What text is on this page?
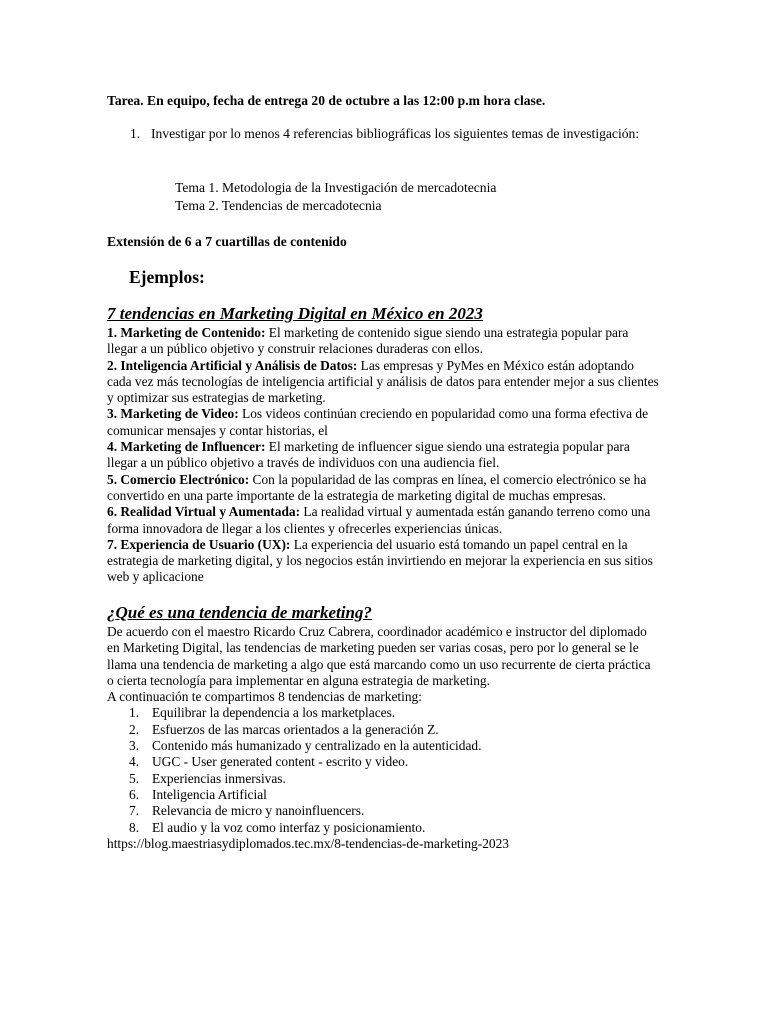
Tarea. En equipo, fecha de entrega 20 de octubre a las 12:00 p.m hora clase.
1. Investigar por lo menos 4 referencias bibliográficas los siguientes temas de investigación:
Tema 1. Metodologia de la Investigación de mercadotecnia
Tema 2. Tendencias de mercadotecnia
Extensión de 6 a 7 cuartillas de contenido
Ejemplos:
7 tendencias en Marketing Digital en México en 2023

1. Marketing de Contenido: El marketing de contenido sigue siendo una estrategia popular para llegar a un público objetivo y construir relaciones duraderas con ellos.

2. Inteligencia Artificial y Análisis de Datos: Las empresas y PyMes en México están adoptando cada vez más tecnologías de inteligencia artificial y análisis de datos para entender mejor a sus clientes y optimizar sus estrategias de marketing.

3. Marketing de Video: Los videos continúan creciendo en popularidad como una forma efectiva de comunicar mensajes y contar historias, el

4. Marketing de Influencer: El marketing de influencer sigue siendo una estrategia popular para llegar a un público objetivo a través de individuos con una audiencia fiel.

5. Comercio Electrónico: Con la popularidad de las compras en línea, el comercio electrónico se ha convertido en una parte importante de la estrategia de marketing digital de muchas empresas.

6. Realidad Virtual y Aumentada: La realidad virtual y aumentada están ganando terreno como una forma innovadora de llegar a los clientes y ofrecerles experiencias únicas.

7. Experiencia de Usuario (UX): La experiencia del usuario está tomando un papel central en la estrategia de marketing digital, y los negocios están invirtiendo en mejorar la experiencia en sus sitios web y aplicacione

¿Qué es una tendencia de marketing?

De acuerdo con el maestro Ricardo Cruz Cabrera, coordinador académico e instructor del diplomado en Marketing Digital, las tendencias de marketing pueden ser varias cosas, pero por lo general se le llama una tendencia de marketing a algo que está marcando como un uso recurrente de cierta práctica o cierta tecnología para implementar en alguna estrategia de marketing.

A continuación te compartimos 8 tendencias de marketing:

1. Equilibrar la dependencia a los marketplaces.
2. Esfuerzos de las marcas orientados a la generación Z.
3. Contenido más humanizado y centralizado en la autenticidad.
4. UGC - User generated content - escrito y video.
5. Experiencias inmersivas.
6. Inteligencia Artificial
7. Relevancia de micro y nanoinfluencers.
8. El audio y la voz como interfaz y posicionamiento.
https://blog.maestriasydiplomados.tec.mx/8-tendencias-de-marketing-2023
